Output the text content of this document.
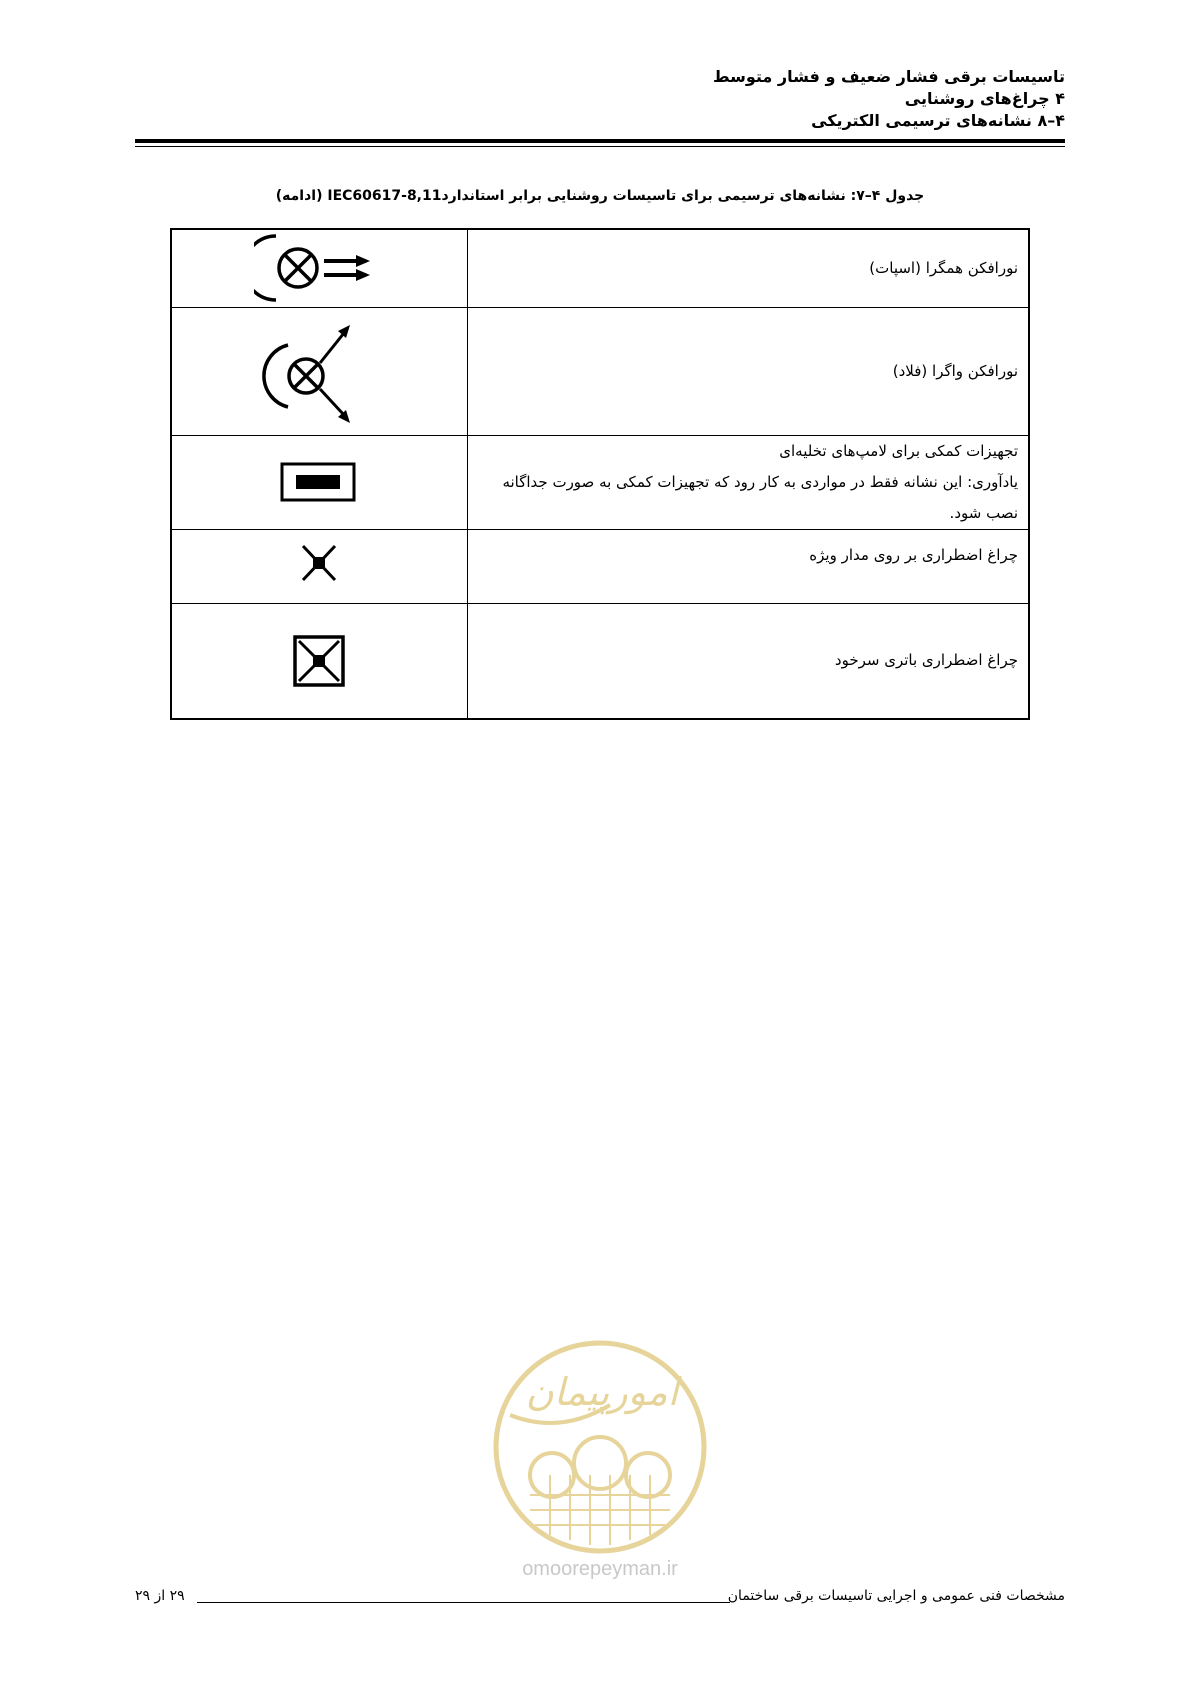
تاسیسات برقی فشار ضعیف و فشار متوسط
۴ چراغ‌های روشنایی
۴–۸ نشانه‌های ترسیمی الکتریکی
جدول ۴–۷: نشانه‌های ترسیمی برای تاسیسات روشنایی برابر استانداردIEC60617-8,11 (ادامه)
نورافکن همگرا (اسپات)	

نورافکن واگرا (فلاد)	

تجهیزات کمکی برای لامپ‌های تخلیه‌ای
یادآوری: این نشانه فقط در مواردی به کار رود که تجهیزات کمکی به صورت جداگانه
نصب شود.

چراغ اضطراری بر روی مدار ویژه	

چراغ اضطراری باتری سرخود	
امورپیمان
omoorepeyman.ir
مشخصات فنی عمومی و اجرایی تاسیسات برقی ساختمان
۲۹ از ۲۹
